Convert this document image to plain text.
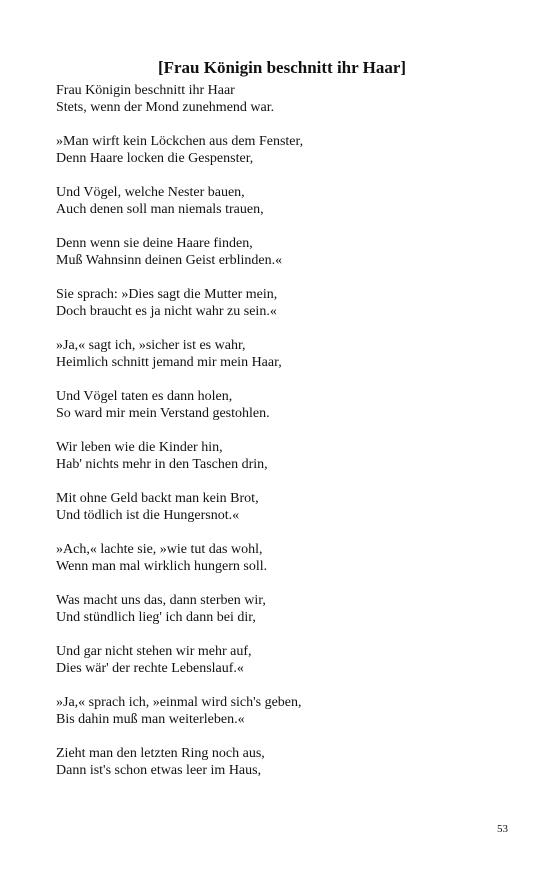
[Frau Königin beschnitt ihr Haar]
Frau Königin beschnitt ihr Haar
Stets, wenn der Mond zunehmend war.
»Man wirft kein Löckchen aus dem Fenster,
Denn Haare locken die Gespenster,
Und Vögel, welche Nester bauen,
Auch denen soll man niemals trauen,
Denn wenn sie deine Haare finden,
Muß Wahnsinn deinen Geist erblinden.«
Sie sprach: »Dies sagt die Mutter mein,
Doch braucht es ja nicht wahr zu sein.«
»Ja,« sagt ich, »sicher ist es wahr,
Heimlich schnitt jemand mir mein Haar,
Und Vögel taten es dann holen,
So ward mir mein Verstand gestohlen.
Wir leben wie die Kinder hin,
Hab' nichts mehr in den Taschen drin,
Mit ohne Geld backt man kein Brot,
Und tödlich ist die Hungersnot.«
»Ach,« lachte sie, »wie tut das wohl,
Wenn man mal wirklich hungern soll.
Was macht uns das, dann sterben wir,
Und stündlich lieg' ich dann bei dir,
Und gar nicht stehen wir mehr auf,
Dies wär' der rechte Lebenslauf.«
»Ja,« sprach ich, »einmal wird sich's geben,
Bis dahin muß man weiterleben.«
Zieht man den letzten Ring noch aus,
Dann ist's schon etwas leer im Haus,
53
